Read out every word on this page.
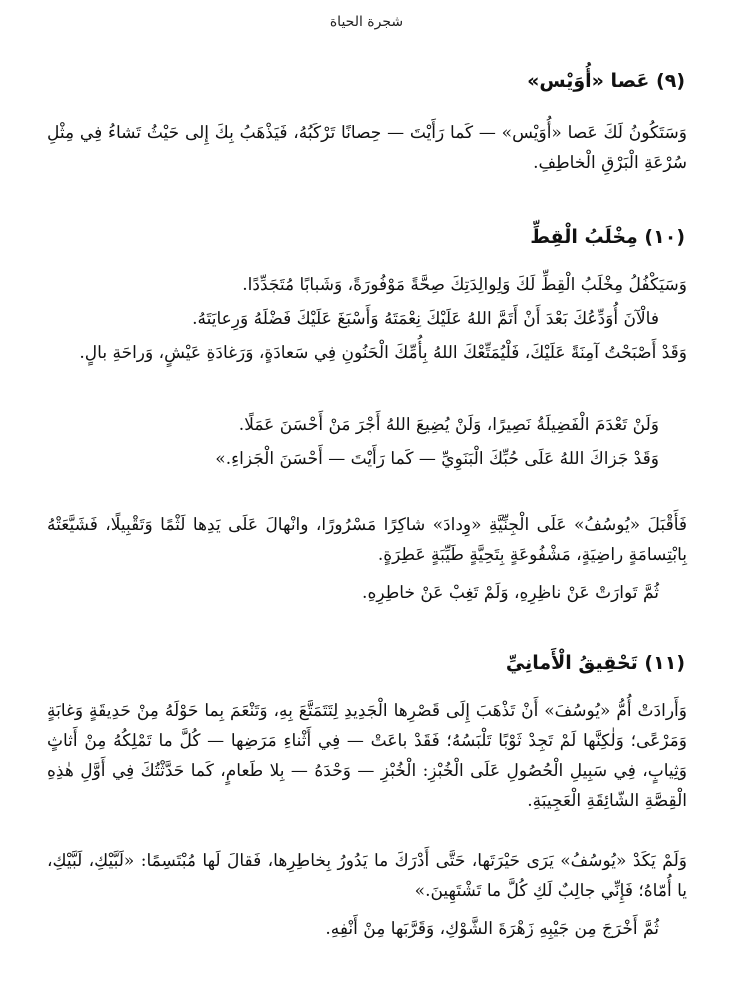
شجرة الحياة
(٩) عَصا «أُوَيْس»
وَسَتَكُونُ لَكَ عَصا «أُوَيْس» — كَما رَأَيْتَ — حِصانًا تَرْكَبُهُ، فَيَذْهَبُ بِكَ إِلى حَيْثُ تَشاءُ فِي مِثْلِ سُرْعَةِ الْبَرْقِ الْخاطِفِ.
(١٠) مِخْلَبُ الْقِطِّ
وَسَيَكْفُلُ مِخْلَبُ الْقِطِّ لَكَ وَلِوالِدَتِكَ صِحَّةً مَوْفُورَةً، وَشَبابًا مُتَجَدِّدًا.
فالْآنَ أُوَدِّعُكَ بَعْدَ أَنْ أَتَمَّ اللهُ عَلَيْكَ نِعْمَتَهُ وَأَسْبَغَ عَلَيْكَ فَضْلَهُ وَرِعايَتَهُ.
وَقَدْ أَصْبَحْتُ آمِنَةً عَلَيْكَ، فَلْيُمَتِّعْكَ اللهُ بِأُمِّكَ الْحَنُونِ فِي سَعادَةٍ، وَرَغادَةِ عَيْشٍ، وَراحَةِ بالٍ.
وَلَنْ تَعْدَمَ الْفَضِيلَةُ نَصِيرًا، وَلَنْ يُضِيعَ اللهُ أَجْرَ مَنْ أَحْسَنَ عَمَلًا.
وَقَدْ جَزاكَ اللهُ عَلَى حُبِّكَ الْبَنَوِيِّ — كَما رَأَيْتَ — أَحْسَنَ الْجَزاءِ.»
فَأَقْبَلَ «يُوسُفُ» عَلَى الْجِنِّيَّةِ «وِدادَ» شاكِرًا مَسْرُورًا، وانْهالَ عَلَى يَدِها لَثْمًا وَتَقْبِيلًا، فَشَيَّعَتْهُ بِابْتِسامَةٍ راضِيَةٍ، مَشْفُوعَةٍ بِتَحِيَّةٍ طَيِّبَةٍ عَطِرَةٍ.
ثُمَّ تَوارَتْ عَنْ ناظِرِهِ، وَلَمْ تَغِبْ عَنْ خاطِرِهِ.
(١١) تَحْقِيقُ الْأَمانِيِّ
وَأَرادَتْ أُمُّ «يُوسُفَ» أَنْ تَذْهَبَ إِلَى قَصْرِها الْجَدِيدِ لِتَتَمَتَّعَ بِهِ، وَتَنْعَمَ بِما حَوْلَهُ مِنْ حَدِيقَةٍ وَغابَةٍ وَمَرْعًى؛ وَلٰكِنَّها لَمْ تَجِدْ ثَوْبًا تَلْبَسُهُ؛ فَقَدْ باعَتْ — فِي أَثْناءِ مَرَضِها — كُلَّ ما تَمْلِكُهُ مِنْ أَثاثٍ وَثِيابٍ، فِي سَبِيلِ الْحُصُولِ عَلَى الْخُبْزِ: الْخُبْزِ — وَحْدَهُ — بِلا طَعامٍ، كَما حَدَّثْتُكَ فِي أَوَّلِ هٰذِهِ الْقِصَّةِ الشّائِقَةِ الْعَجِيبَةِ.
وَلَمْ يَكَدْ «يُوسُفُ» يَرَى حَيْرَتَها، حَتَّى أَدْرَكَ ما يَدُورُ بِخاطِرِها، فَقالَ لَها مُبْتَسِمًا: «لَبَّيْكِ، لَبَّيْكِ، يا أُمّاهُ؛ فَإِنِّي جالِبٌ لَكِ كُلَّ ما تَشْتَهِينَ.»
ثُمَّ أَخْرَجَ مِن جَيْبِهِ زَهْرَةَ الشَّوْكِ، وَقَرَّبَها مِنْ أَنْفِهِ.
